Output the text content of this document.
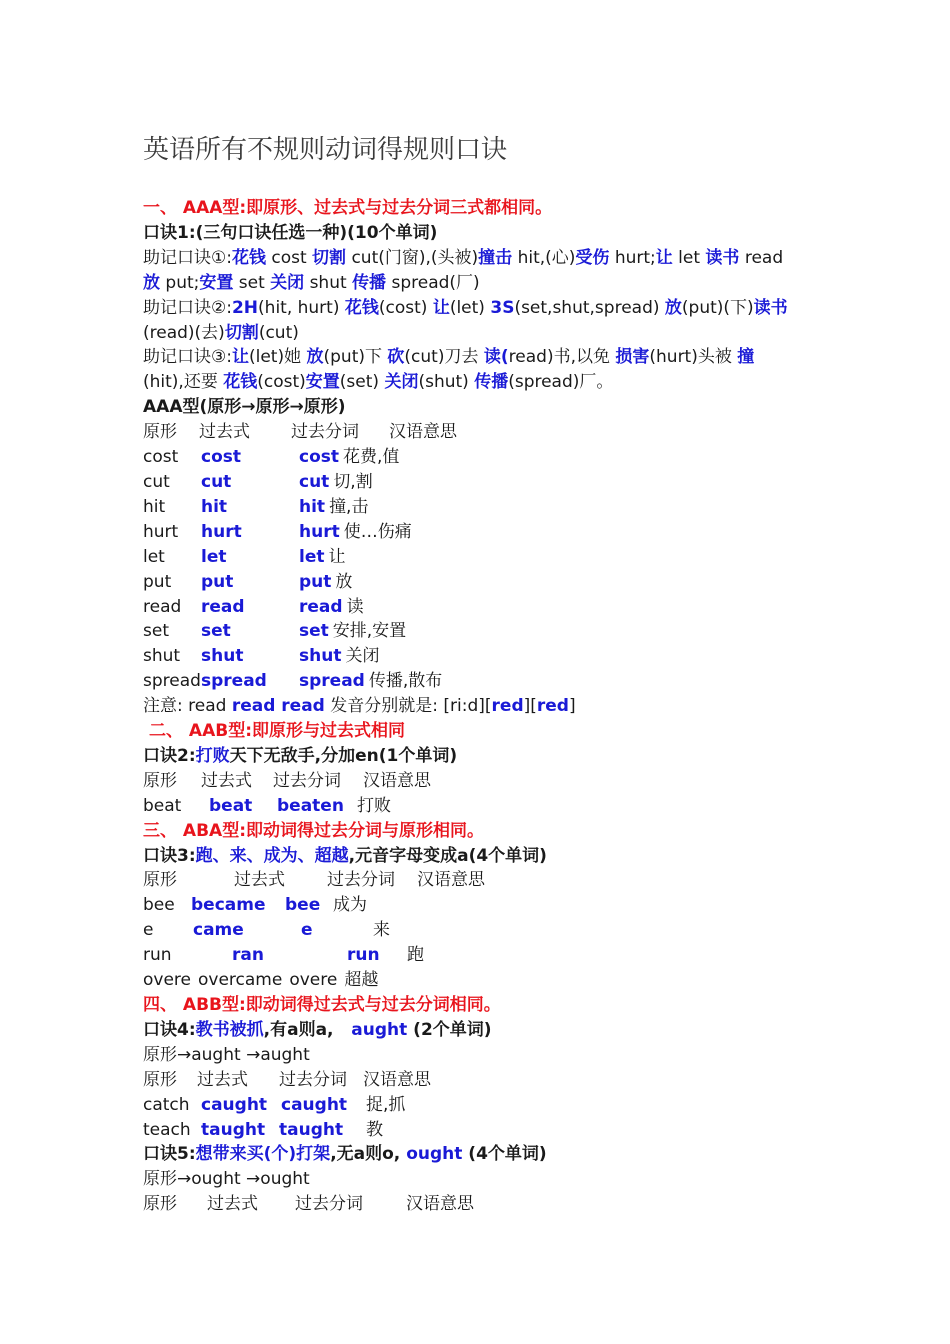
英语所有不规则动词得规则口诀
一、 AAA型:即原形、过去式与过去分词三式都相同。
口诀1:(三句口诀任选一种)(10个单词)
助记口诀①:花钱 cost 切割 cut(门窗),(头被)撞击 hit,(心)受伤 hurt;让 let 读书 read
放 put;安置 set 关闭 shut 传播 spread(厂)
助记口诀②:2H(hit, hurt) 花钱(cost) 让(let) 3S(set,shut,spread) 放(put)(下)读书
(read)(去)切割(cut)
助记口诀③:让(let)她 放(put)下 砍(cut)刀去 读(read)书,以免 损害(hurt)头被 撞
(hit),还要 花钱(cost)安置(set) 关闭(shut) 传播(spread)厂。
AAA型(原形→原形→原形)
原形	过去式	过去分词	汉语意思
cost	cost	cost 花费,值
cut	cut	cut 切,割
hit	hit	hit 撞,击
hurt	hurt	hurt 使…伤痛
let	let	let 让
put	put	put 放
read	read	read 读
set	set	set 安排,安置
shut	shut	shut 关闭
spread spread	spread 传播,散布
注意: read read read 发音分别就是: [ri:d][red][red]
二、 AAB型:即原形与过去式相同
口诀2:打败天下无敌手,分加en(1个单词)
原形	过去式	过去分词	汉语意思
beat	beat	beaten 打败
三、 ABA型:即动词得过去分词与原形相同。
口诀3:跑、来、成为、超越,元音字母变成a(4个单词)
原形	过去式	过去分词	汉语意思
bee became	bee 成为
e	came	e	来
run	ran	run	跑
overe overcame overe 超越
四、 ABB型:即动词得过去式与过去分词相同。
口诀4:教书被抓,有a则a,   aught (2个单词)
原形→aught →aught
原形	过去式	过去分词 汉语意思
catch caught caught	捉,抓
teach taught taught	教
口诀5:想带来买(个)打架,无a则o, ought (4个单词)
原形→ought →ought
原形	过去式	过去分词	汉语意思
